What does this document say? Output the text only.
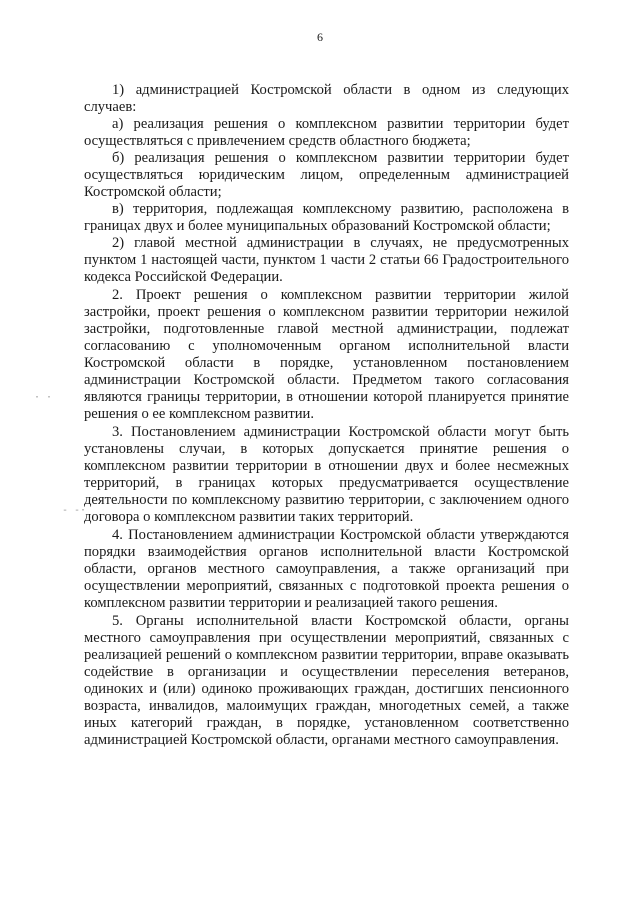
6

1) администрацией Костромской области в одном из следующих случаев:

а) реализация решения о комплексном развитии территории будет осуществляться с привлечением средств областного бюджета;

б) реализация решения о комплексном развитии территории будет осуществляться юридическим лицом, определенным администрацией Костромской области;

в) территория, подлежащая комплексному развитию, расположена в границах двух и более муниципальных образований Костромской области;

2) главой местной администрации в случаях, не предусмотренных пунктом 1 настоящей части, пунктом 1 части 2 статьи 66 Градостроительного кодекса Российской Федерации.

2. Проект решения о комплексном развитии территории жилой застройки, проект решения о комплексном развитии территории нежилой застройки, подготовленные главой местной администрации, подлежат согласованию с уполномоченным органом исполнительной власти Костромской области в порядке, установленном постановлением администрации Костромской области. Предметом такого согласования являются границы территории, в отношении которой планируется принятие решения о ее комплексном развитии.

3. Постановлением администрации Костромской области могут быть установлены случаи, в которых допускается принятие решения о комплексном развитии территории в отношении двух и более несмежных территорий, в границах которых предусматривается осуществление деятельности по комплексному развитию территории, с заключением одного договора о комплексном развитии таких территорий.

4. Постановлением администрации Костромской области утверждаются порядки взаимодействия органов исполнительной власти Костромской области, органов местного самоуправления, а также организаций при осуществлении мероприятий, связанных с подготовкой проекта решения о комплексном развитии территории и реализацией такого решения.

5. Органы исполнительной власти Костромской области, органы местного самоуправления при осуществлении мероприятий, связанных с реализацией решений о комплексном развитии территории, вправе оказывать содействие в организации и осуществлении переселения ветеранов, одиноких и (или) одиноко проживающих граждан, достигших пенсионного возраста, инвалидов, малоимущих граждан, многодетных семей, а также иных категорий граждан, в порядке, установленном соответственно администрацией Костромской области, органами местного самоуправления.

· ·
- -·
